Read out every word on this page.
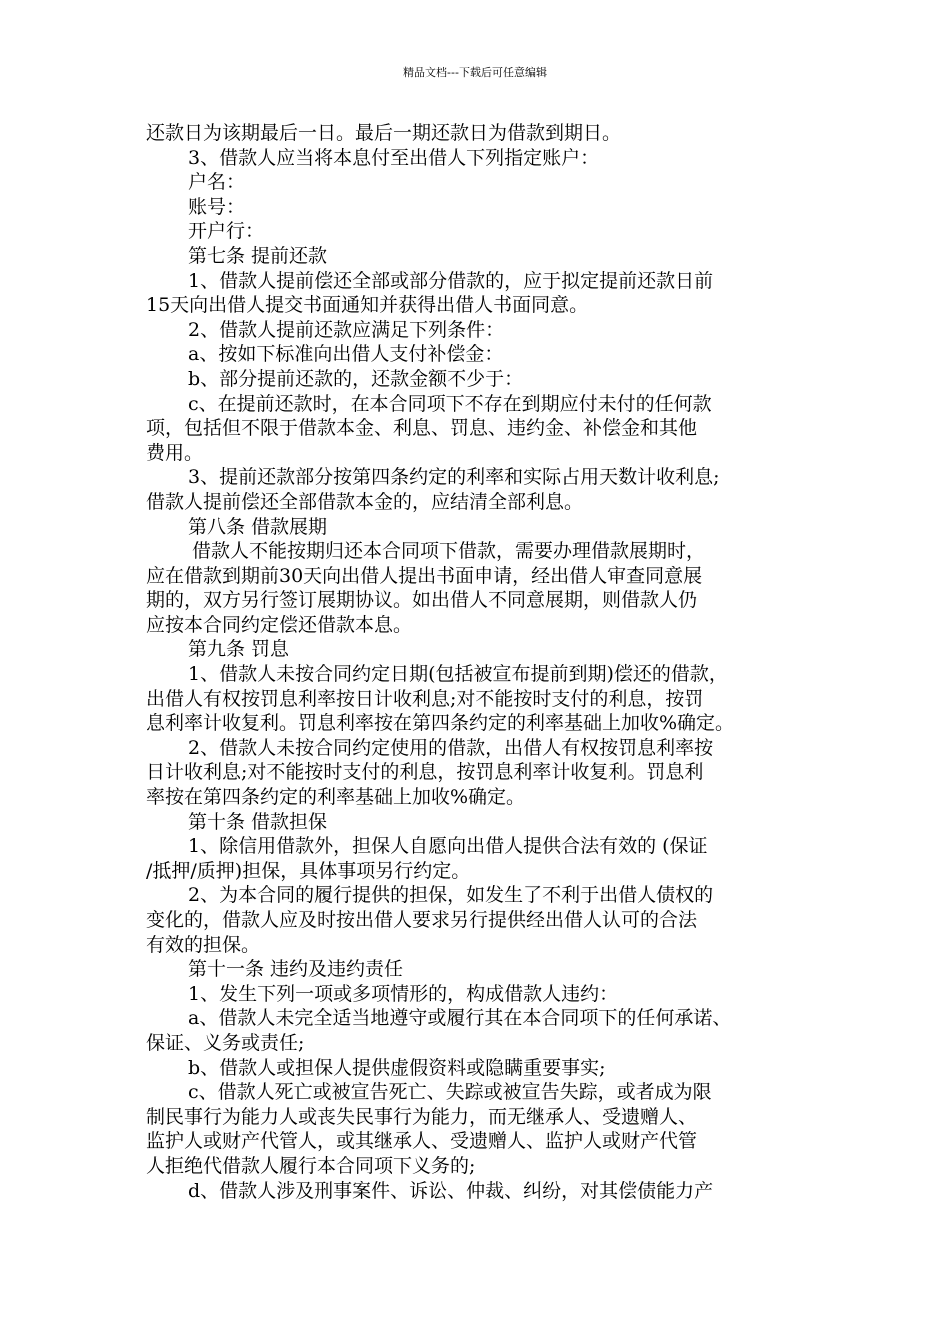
精品文档---下载后可任意编辑
还款日为该期最后一日。最后一期还款日为借款到期日。
3、借款人应当将本息付至出借人下列指定账户：
户名：
账号：
开户行：
第七条 提前还款
1、借款人提前偿还全部或部分借款的，应于拟定提前还款日前
15天向出借人提交书面通知并获得出借人书面同意。
2、借款人提前还款应满足下列条件：
a、按如下标准向出借人支付补偿金：
b、部分提前还款的，还款金额不少于：
c、在提前还款时，在本合同项下不存在到期应付未付的任何款
项，包括但不限于借款本金、利息、罚息、违约金、补偿金和其他
费用。
3、提前还款部分按第四条约定的利率和实际占用天数计收利息;
借款人提前偿还全部借款本金的，应结清全部利息。
第八条 借款展期
借款人不能按期归还本合同项下借款，需要办理借款展期时，
应在借款到期前30天向出借人提出书面申请，经出借人审查同意展
期的，双方另行签订展期协议。如出借人不同意展期，则借款人仍
应按本合同约定偿还借款本息。
第九条 罚息
1、借款人未按合同约定日期(包括被宣布提前到期)偿还的借款，
出借人有权按罚息利率按日计收利息;对不能按时支付的利息，按罚
息利率计收复利。罚息利率按在第四条约定的利率基础上加收%确定。
2、借款人未按合同约定使用的借款，出借人有权按罚息利率按
日计收利息;对不能按时支付的利息，按罚息利率计收复利。罚息利
率按在第四条约定的利率基础上加收%确定。
第十条 借款担保
1、除信用借款外，担保人自愿向出借人提供合法有效的 (保证
/抵押/质押)担保，具体事项另行约定。
2、为本合同的履行提供的担保，如发生了不利于出借人债权的
变化的，借款人应及时按出借人要求另行提供经出借人认可的合法
有效的担保。
第十一条 违约及违约责任
1、发生下列一项或多项情形的，构成借款人违约：
a、借款人未完全适当地遵守或履行其在本合同项下的任何承诺、
保证、义务或责任;
b、借款人或担保人提供虚假资料或隐瞒重要事实;
c、借款人死亡或被宣告死亡、失踪或被宣告失踪，或者成为限
制民事行为能力人或丧失民事行为能力，而无继承人、受遗赠人、
监护人或财产代管人，或其继承人、受遗赠人、监护人或财产代管
人拒绝代借款人履行本合同项下义务的;
d、借款人涉及刑事案件、诉讼、仲裁、纠纷，对其偿债能力产
